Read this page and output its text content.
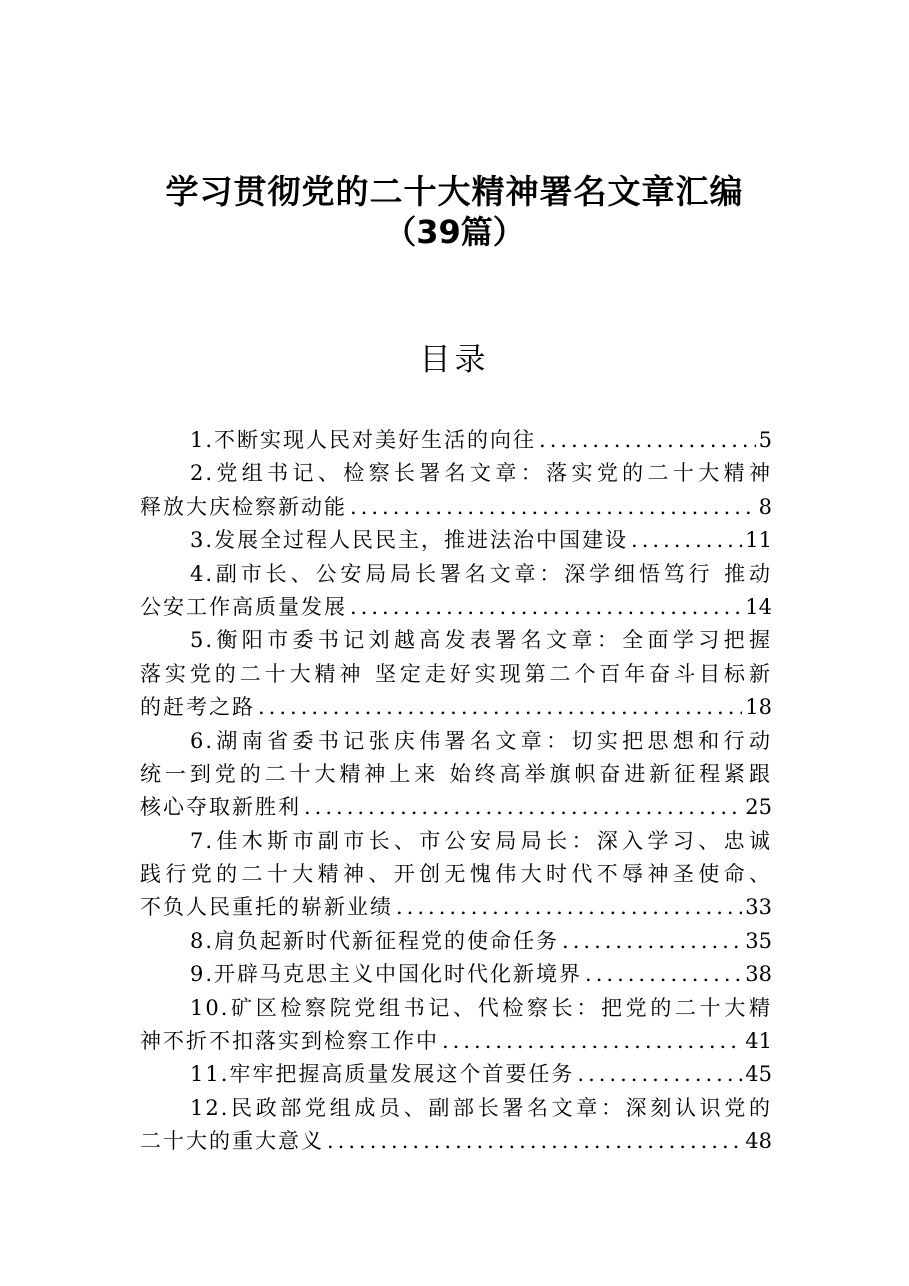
学习贯彻党的二十大精神署名文章汇编
（39篇）
目录
1.不断实现人民对美好生活的向往 .....	5
2.党组书记、检察长署名文章：落实党的二十大精神
释放大庆检察新动能 .....	8
3.发展全过程人民民主，推进法治中国建设 .....	11
4.副市长、公安局局长署名文章：深学细悟笃行 推动
公安工作高质量发展 .....	14
5.衡阳市委书记刘越高发表署名文章：全面学习把握
落实党的二十大精神 坚定走好实现第二个百年奋斗目标新
的赶考之路 .....	18
6.湖南省委书记张庆伟署名文章：切实把思想和行动
统一到党的二十大精神上来 始终高举旗帜奋进新征程紧跟
核心夺取新胜利 .....	25
7.佳木斯市副市长、市公安局局长：深入学习、忠诚
践行党的二十大精神、开创无愧伟大时代不辱神圣使命、
不负人民重托的崭新业绩 .....	33
8.肩负起新时代新征程党的使命任务 .....	35
9.开辟马克思主义中国化时代化新境界 .....	38
10.矿区检察院党组书记、代检察长：把党的二十大精
神不折不扣落实到检察工作中 .....	41
11.牢牢把握高质量发展这个首要任务 .....	45
12.民政部党组成员、副部长署名文章：深刻认识党的
二十大的重大意义 .....	48
